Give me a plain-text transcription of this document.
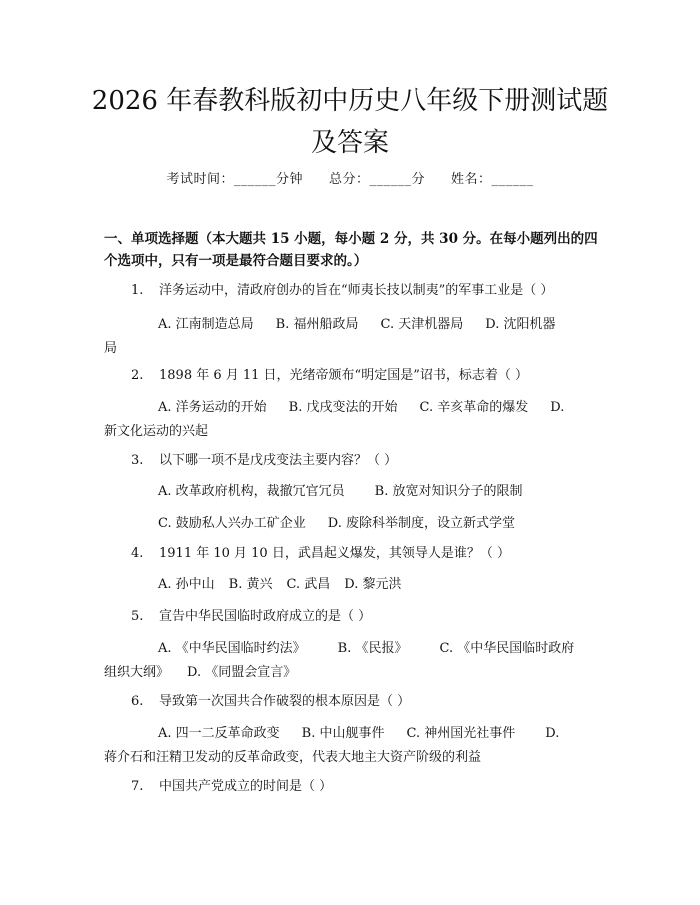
2026 年春教科版初中历史八年级下册测试题
及答案
考试时间：______分钟 总分：______分 姓名：______
一、单项选择题（本大题共 15 小题，每小题 2 分，共 30 分。在每小题列出的四
个选项中，只有一项是最符合题目要求的。）
1. 洋务运动中，清政府创办的旨在“师夷长技以制夷”的军事工业是（ ）
A. 江南制造总局 B. 福州船政局 C. 天津机器局 D. 沈阳机器
局
2. 1898 年 6 月 11 日，光绪帝颁布“明定国是”诏书，标志着（ ）
A. 洋务运动的开始 B. 戊戌变法的开始 C. 辛亥革命的爆发 D.
新文化运动的兴起
3. 以下哪一项不是戊戌变法主要内容？（ ）
A. 改革政府机构，裁撤冗官冗员 B. 放宽对知识分子的限制
C. 鼓励私人兴办工矿企业 D. 废除科举制度，设立新式学堂
4. 1911 年 10 月 10 日，武昌起义爆发，其领导人是谁？（ ）
A. 孙中山 B. 黄兴 C. 武昌 D. 黎元洪
5. 宣告中华民国临时政府成立的是（ ）
A. 《中华民国临时约法》 B. 《民报》 C. 《中华民国临时政府
组织大纲》 D. 《同盟会宣言》
6. 导致第一次国共合作破裂的根本原因是（ ）
A. 四一二反革命政变 B. 中山舰事件 C. 神州国光社事件 D.
蒋介石和汪精卫发动的反革命政变，代表大地主大资产阶级的利益
7. 中国共产党成立的时间是（ ）
